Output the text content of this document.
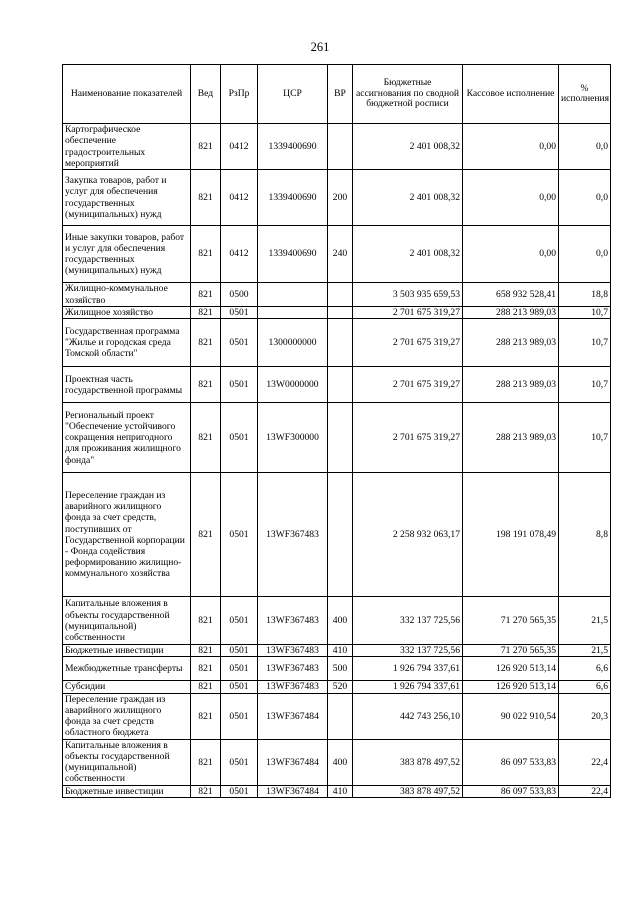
261
Наименование показателей	Вед	РзПр	ЦСР	ВР	Бюджетные ассигнования по сводной бюджетной росписи	Кассовое исполнение	% исполнения
Картографическое обеспечение градостроительных мероприятий	821	0412	1339400690		2 401 008,32	0,00	0,0
Закупка товаров, работ и услуг для обеспечения государственных (муниципальных) нужд	821	0412	1339400690	200	2 401 008,32	0,00	0,0
Иные закупки товаров, работ и услуг для обеспечения государственных (муниципальных) нужд	821	0412	1339400690	240	2 401 008,32	0,00	0,0
Жилищно-коммунальное хозяйство	821	0500			3 503 935 659,53	658 932 528,41	18,8
Жилищное хозяйство	821	0501			2 701 675 319,27	288 213 989,03	10,7
Государственная программа "Жилье и городская среда Томской области"	821	0501	1300000000		2 701 675 319,27	288 213 989,03	10,7
Проектная часть государственной программы	821	0501	13W0000000		2 701 675 319,27	288 213 989,03	10,7
Региональный проект "Обеспечение устойчивого сокращения непригодного для проживания жилищного фонда"	821	0501	13WF300000		2 701 675 319,27	288 213 989,03	10,7
Переселение граждан из аварийного жилищного фонда за счет средств, поступивших от Государственной корпорации - Фонда содействия реформированию жилищно-коммунального хозяйства	821	0501	13WF367483		2 258 932 063,17	198 191 078,49	8,8
Капитальные вложения в объекты государственной (муниципальной) собственности	821	0501	13WF367483	400	332 137 725,56	71 270 565,35	21,5
Бюджетные инвестиции	821	0501	13WF367483	410	332 137 725,56	71 270 565,35	21,5
Межбюджетные трансферты	821	0501	13WF367483	500	1 926 794 337,61	126 920 513,14	6,6
Субсидии	821	0501	13WF367483	520	1 926 794 337,61	126 920 513,14	6,6
Переселение граждан из аварийного жилищного фонда за счет средств областного бюджета	821	0501	13WF367484		442 743 256,10	90 022 910,54	20,3
Капитальные вложения в объекты государственной (муниципальной) собственности	821	0501	13WF367484	400	383 878 497,52	86 097 533,83	22,4
Бюджетные инвестиции	821	0501	13WF367484	410	383 878 497,52	86 097 533,83	22,4
